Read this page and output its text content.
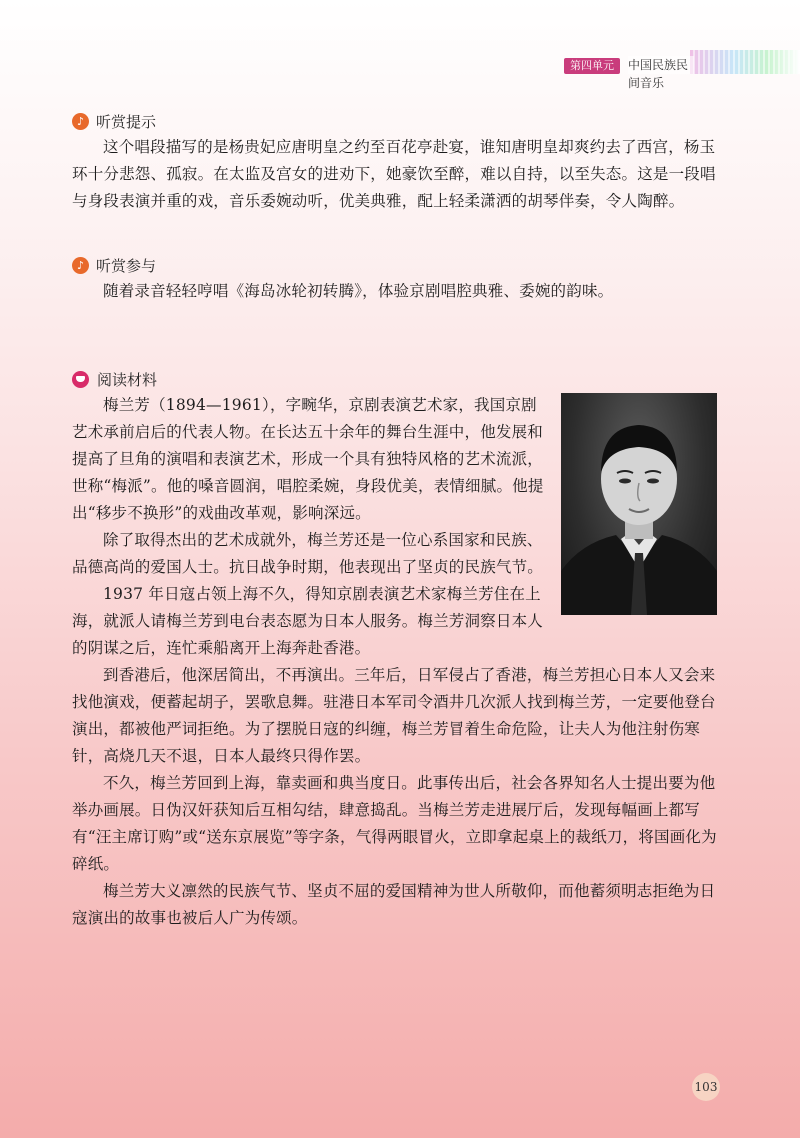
第四单元	中国民族民间音乐
♪ 听赏提示

这个唱段描写的是杨贵妃应唐明皇之约至百花亭赴宴，谁知唐明皇却爽约去了西宫，杨玉环十分悲怨、孤寂。在太监及宫女的进劝下，她豪饮至醉，难以自持，以至失态。这是一段唱与身段表演并重的戏，音乐委婉动听，优美典雅，配上轻柔潇洒的胡琴伴奏，令人陶醉。

♪ 听赏参与

随着录音轻轻哼唱《海岛冰轮初转腾》，体验京剧唱腔典雅、委婉的韵味。

阅读材料

梅兰芳（1894—1961），字畹华，京剧表演艺术家，我国京剧艺术承前启后的代表人物。在长达五十余年的舞台生涯中，他发展和提高了旦角的演唱和表演艺术，形成一个具有独特风格的艺术流派，世称“梅派”。他的嗓音圆润，唱腔柔婉，身段优美，表情细腻。他提出“移步不换形”的戏曲改革观，影响深远。

除了取得杰出的艺术成就外，梅兰芳还是一位心系国家和民族、品德高尚的爱国人士。抗日战争时期，他表现出了坚贞的民族气节。

1937 年日寇占领上海不久，得知京剧表演艺术家梅兰芳住在上海，就派人请梅兰芳到电台表态愿为日本人服务。梅兰芳洞察日本人的阴谋之后，连忙乘船离开上海奔赴香港。

到香港后，他深居简出，不再演出。三年后，日军侵占了香港，梅兰芳担心日本人又会来找他演戏，便蓄起胡子，罢歌息舞。驻港日本军司令酒井几次派人找到梅兰芳，一定要他登台演出，都被他严词拒绝。为了摆脱日寇的纠缠，梅兰芳冒着生命危险，让夫人为他注射伤寒针，高烧几天不退，日本人最终只得作罢。

不久，梅兰芳回到上海，靠卖画和典当度日。此事传出后，社会各界知名人士提出要为他举办画展。日伪汉奸获知后互相勾结，肆意捣乱。当梅兰芳走进展厅后，发现每幅画上都写有“汪主席订购”或“送东京展览”等字条，气得两眼冒火，立即拿起桌上的裁纸刀，将国画化为碎纸。

梅兰芳大义凛然的民族气节、坚贞不屈的爱国精神为世人所敬仰，而他蓄须明志拒绝为日寇演出的故事也被后人广为传颂。

103
